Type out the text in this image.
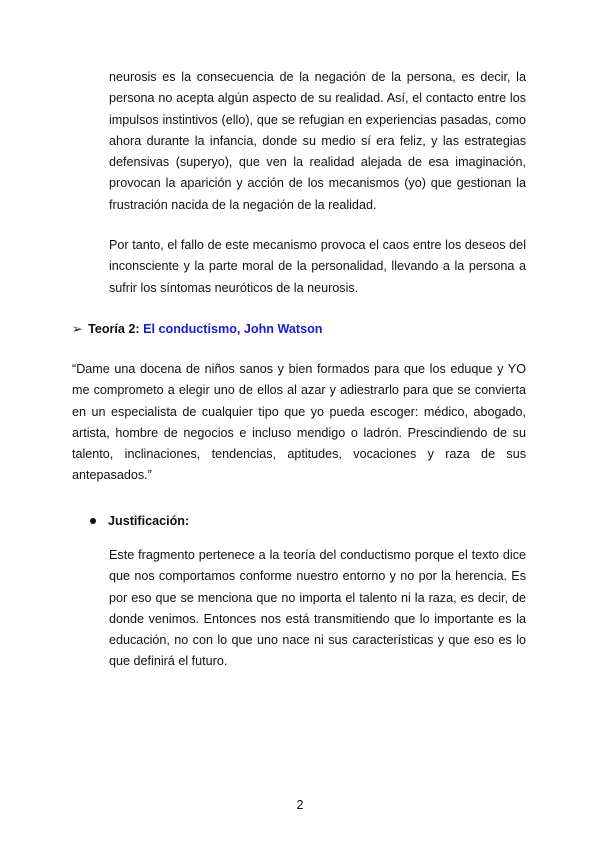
neurosis es la consecuencia de la negación de la persona, es decir, la persona no acepta algún aspecto de su realidad. Así, el contacto entre los impulsos instintivos (ello), que se refugian en experiencias pasadas, como ahora durante la infancia, donde su medio sí era feliz, y las estrategias defensivas (superyo), que ven la realidad alejada de esa imaginación, provocan la aparición y acción de los mecanismos (yo) que gestionan la frustración nacida de la negación de la realidad.

Por tanto, el fallo de este mecanismo provoca el caos entre los deseos del inconsciente y la parte moral de la personalidad, llevando a la persona a sufrir los síntomas neuróticos de la neurosis.

➢ Teoría 2: El conductismo, John Watson

“Dame una docena de niños sanos y bien formados para que los eduque y YO me comprometo a elegir uno de ellos al azar y adiestrarlo para que se convierta en un especialista de cualquier tipo que yo pueda escoger: médico, abogado, artista, hombre de negocios e incluso mendigo o ladrón. Prescindiendo de su talento, inclinaciones, tendencias, aptitudes, vocaciones y raza de sus antepasados.”

Justificación:

Este fragmento pertenece a la teoría del conductismo porque el texto dice que nos comportamos conforme nuestro entorno y no por la herencia. Es por eso que se menciona que no importa el talento ni la raza, es decir, de donde venimos. Entonces nos está transmitiendo que lo importante es la educación, no con lo que uno nace ni sus características y que eso es lo que definirá el futuro.

2
